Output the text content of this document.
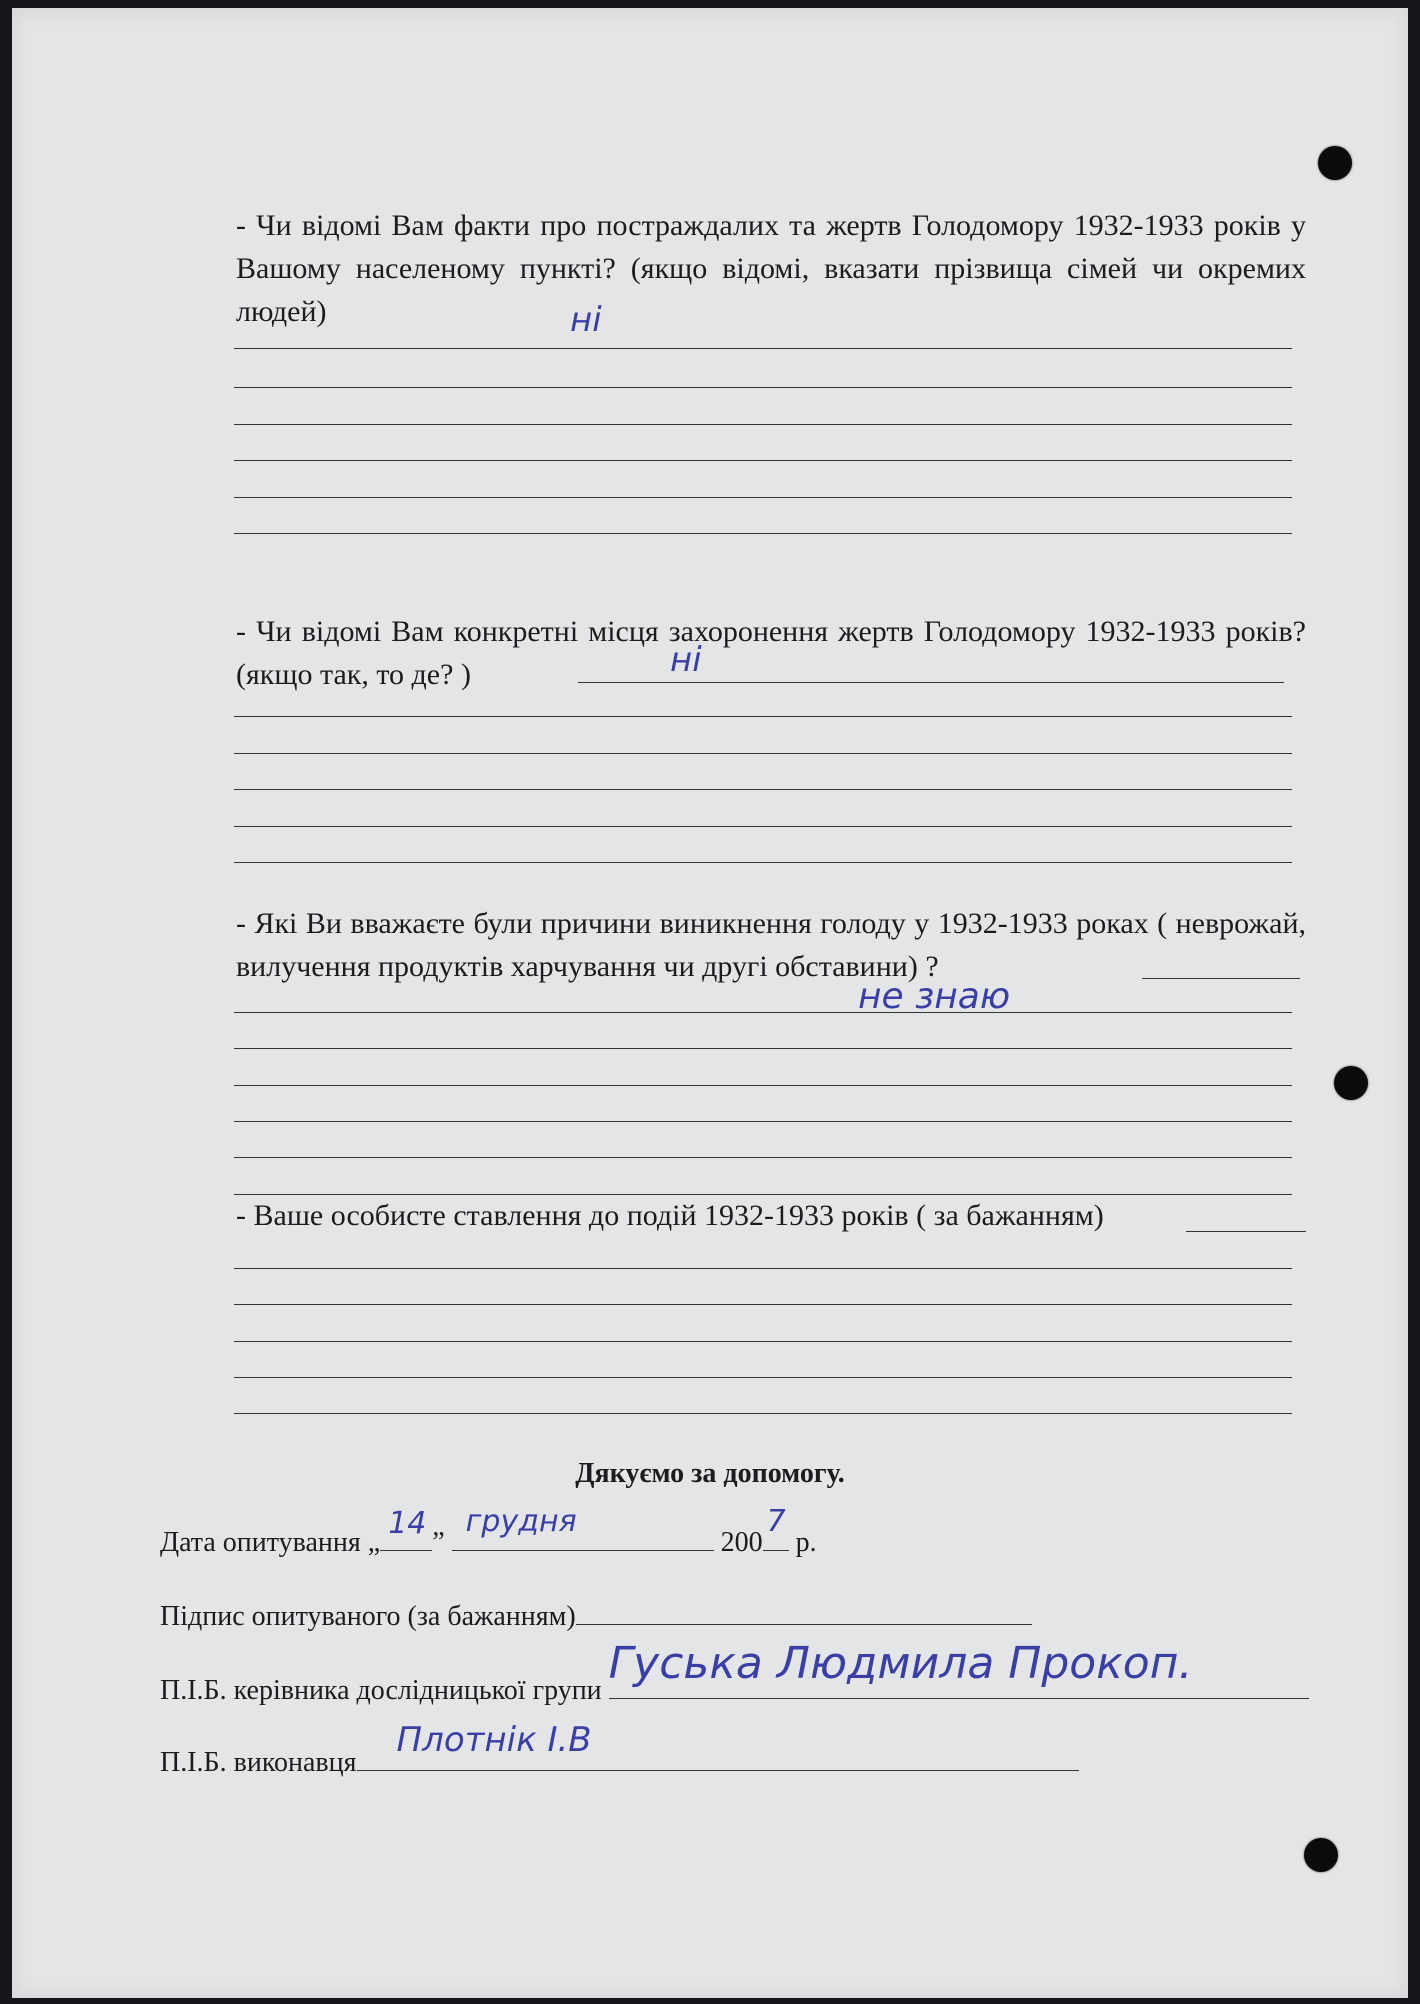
- Чи відомі Вам факти про постраждалих та жертв Голодомору 1932-1933 років у Вашому населеному пункті? (якщо відомі, вказати прізвища сімей чи окремих людей)	ні
- Чи відомі Вам конкретні місця захоронення жертв Голодомору 1932-1933 років? (якщо так, то де? )	ні
- Які Ви вважаєте були причини виникнення голоду у 1932-1933 роках ( неврожай, вилучення продуктів харчування чи другі обставини) ?
не знаю
- Ваше особисте ставлення до подій 1932-1933 років ( за бажанням)
Дякуємо за допомогу.
Дата опитування „
14
”
грудня
200
7
р.
Підпис опитуваного (за бажанням)
П.І.Б. керівника дослідницької групи
Гуська Людмила Прокоп.
П.І.Б. виконавця
Плотнік І.В
